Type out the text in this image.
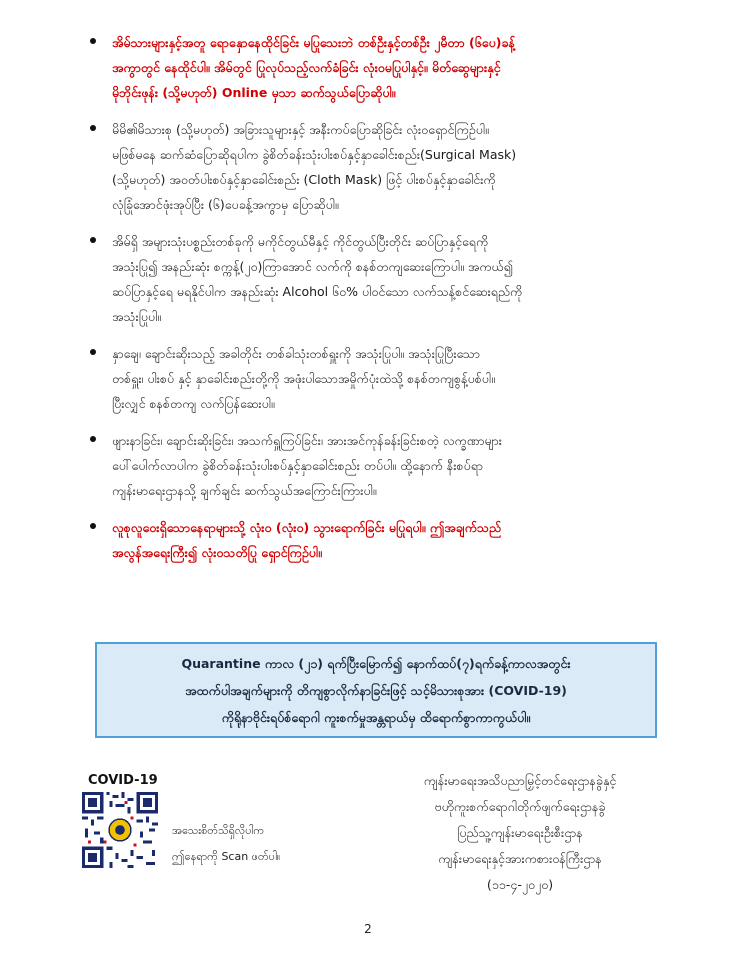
အိမ်သားများနှင့်အတူ ရောနှောနေထိုင်ခြင်း မပြုသေးဘဲ တစ်ဦးနှင့်တစ်ဦး ၂မီတာ (၆ပေ)ခန့်
အကွာတွင် နေထိုင်ပါ။ အိမ်တွင် ပြုလုပ်သည့်လက်ခံခြင်း လုံးဝမပြုပါနှင့်။ မိတ်ဆွေများနှင့်
မိုဘိုင်းဖုန်း (သို့မဟုတ်) Online မှသာ ဆက်သွယ်ပြောဆိုပါ။
မိမိ၏မိသားစု (သို့မဟုတ်) အခြားသူများနှင့် အနီးကပ်ပြောဆိုခြင်း လုံးဝရှောင်ကြဉ်ပါ။
မဖြစ်မနေ ဆက်ဆံပြောဆိုရပါက ခွဲစိတ်ခန်းသုံးပါးစပ်နှင့်နှာခေါင်းစည်း(Surgical Mask)
(သို့မဟုတ်) အဝတ်ပါးစပ်နှင့်နှာခေါင်းစည်း (Cloth Mask) ဖြင့် ပါးစပ်နှင့်နှာခေါင်းကို
လုံခြုံအောင်ဖုံးအုပ်ပြီး (၆)ပေခန့်အကွာမှ ပြောဆိုပါ။
အိမ်ရှိ အများသုံးပစ္စည်းတစ်ခုကို မကိုင်တွယ်မီနှင့် ကိုင်တွယ်ပြီးတိုင်း ဆပ်ပြာနှင့်ရေကို
အသုံးပြု၍ အနည်းဆုံး စက္ကန့်(၂၀)ကြာအောင် လက်ကို စနစ်တကျဆေးကြောပါ။ အကယ်၍
ဆပ်ပြာနှင့်ရေ မရနိုင်ပါက အနည်းဆုံး Alcohol ၆၀% ပါဝင်သော လက်သန့်စင်ဆေးရည်ကို
အသုံးပြုပါ။
နှာချေ၊ ချောင်းဆိုးသည့် အခါတိုင်း တစ်ခါသုံးတစ်ရှူးကို အသုံးပြုပါ။ အသုံးပြုပြီးသော
တစ်ရှူး၊ ပါးစပ် နှင့် နှာခေါင်းစည်းတို့ကို အဖုံးပါသောအမှိုက်ပုံးထဲသို့ စနစ်တကျစွန့်ပစ်ပါ။
ပြီးလျှင် စနစ်တကျ လက်ပြန်ဆေးပါ။
ဖျားနာခြင်း၊ ချောင်းဆိုးခြင်း၊ အသက်ရှူကြပ်ခြင်း၊ အားအင်ကုန်ခန်းခြင်းစတဲ့ လက္ခဏာများ
ပေါ်ပေါက်လာပါက ခွဲစိတ်ခန်းသုံးပါးစပ်နှင့်နှာခေါင်းစည်း တပ်ပါ။ ထို့နောက် နီးစပ်ရာ
ကျန်းမာရေးဌာနသို့ ချက်ချင်း ဆက်သွယ်အကြောင်းကြားပါ။
လူစုလူဝေးရှိသောနေရာများသို့ လုံးဝ (လုံးဝ) သွားရောက်ခြင်း မပြုရပါ။ ဤအချက်သည်
အလွန်အရေးကြီး၍ လုံးဝသတိပြု ရှောင်ကြဉ်ပါ။
Quarantine ကာလ (၂၁) ရက်ပြီးမြောက်၍ နောက်ထပ်(၇)ရက်ခန့်ကာလအတွင်း
အထက်ပါအချက်များကို တိကျစွာလိုက်နာခြင်းဖြင့် သင့်မိသားစုအား (COVID-19)
ကိုရိုနာဗိုင်းရပ်စ်ရောဂါ ကူးစက်မှုအန္တရာယ်မှ ထိရောက်စွာကာကွယ်ပါ။
COVID-19
အသေးစိတ်သိရှိလိုပါက
ဤနေရာကို Scan ဖတ်ပါ။
ကျန်းမာရေးအသိပညာမြှင့်တင်ရေးဌာနခွဲနှင့်
ဗဟိုကူးစက်ရောဂါတိုက်ဖျက်ရေးဌာနခွဲ
ပြည်သူ့ကျန်းမာရေးဦးစီးဌာန
ကျန်းမာရေးနှင့်အားကစားဝန်ကြီးဌာန
(၁၁-၄-၂၀၂၀)
2
